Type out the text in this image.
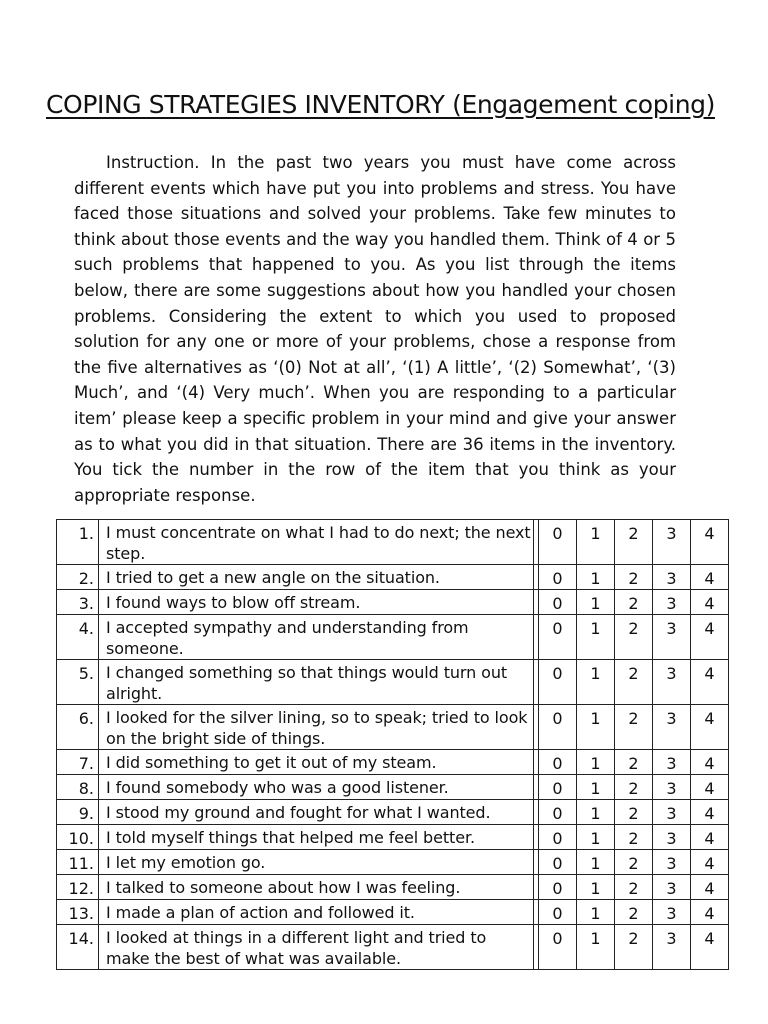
COPING STRATEGIES INVENTORY (Engagement coping)

Instruction. In the past two years you must have come across different events which have put you into problems and stress. You have faced those situations and solved your problems. Take few minutes to think about those events and the way you handled them. Think of 4 or 5 such problems that happened to you. As you list through the items below, there are some suggestions about how you handled your chosen problems. Considering the extent to which you used to proposed solution for any one or more of your problems, chose a response from the five alternatives as ‘(0) Not at all’, ‘(1) A little’, ‘(2) Somewhat’, ‘(3) Much’, and ‘(4) Very much’. When you are responding to a particular item’ please keep a specific problem in your mind and give your answer as to what you did in that situation. There are 36 items in the inventory. You tick the number in the row of the item that you think as your appropriate response.

1.	I must concentrate on what I had to do next; the next step.		0	1	2	3	4

2.	I tried to get a new angle on the situation.		0	1	2	3	4

3.	I found ways to blow off stream.		0	1	2	3	4

4.	I accepted sympathy and understanding from someone.		0	1	2	3	4

5.	I changed something so that things would turn out alright.		0	1	2	3	4

6.	I looked for the silver lining, so to speak; tried to look on the bright side of things.		0	1	2	3	4

7.	I did something to get it out of my steam.		0	1	2	3	4

8.	I found somebody who was a good listener.		0	1	2	3	4

9.	I stood my ground and fought for what I wanted.		0	1	2	3	4

10.	I told myself things that helped me feel better.		0	1	2	3	4

11.	I let my emotion go.		0	1	2	3	4

12.	I talked to someone about how I was feeling.		0	1	2	3	4

13.	I made a plan of action and followed it.		0	1	2	3	4

14.	I looked at things in a different light and tried to make the best of what was available.		0	1	2	3	4
